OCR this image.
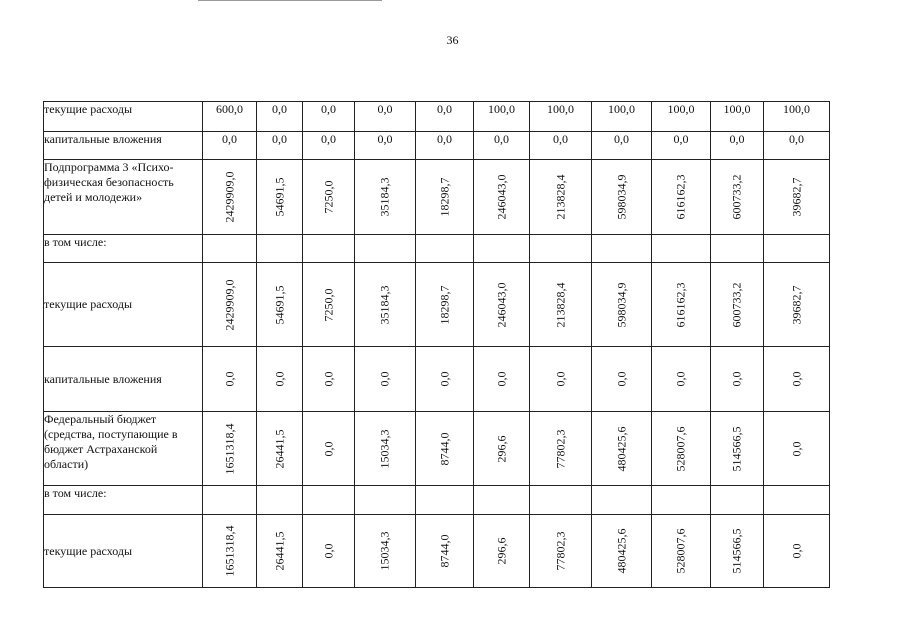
36
текущие расходы	600,0	0,0	0,0	0,0	0,0	100,0	100,0	100,0	100,0	100,0	100,0
капитальные вложения	0,0	0,0	0,0	0,0	0,0	0,0	0,0	0,0	0,0	0,0	0,0
Подпрограмма 3 «Психо-физическая безопасность детей и молодежи»	2429909,0	54691,5	7250,0	35184,3	18298,7	246043,0	213828,4	598034,9	616162,3	600733,2	39682,7

в том числе:											
текущие расходы	2429909,0	54691,5	7250,0	35184,3	18298,7	246043,0	213828,4	598034,9	616162,3	600733,2	39682,7

капитальные вложения	0,0	0,0	0,0	0,0	0,0	0,0	0,0	0,0	0,0	0,0	0,0

Федеральный бюджет (средства, поступающие в бюджет Астраханской области)	1651318,4	26441,5	0,0	15034,3	8744,0	296,6	77802,3	480425,6	528007,6	514566,5	0,0

в том числе:											
текущие расходы	1651318,4	26441,5	0,0	15034,3	8744,0	296,6	77802,3	480425,6	528007,6	514566,5	0,0
